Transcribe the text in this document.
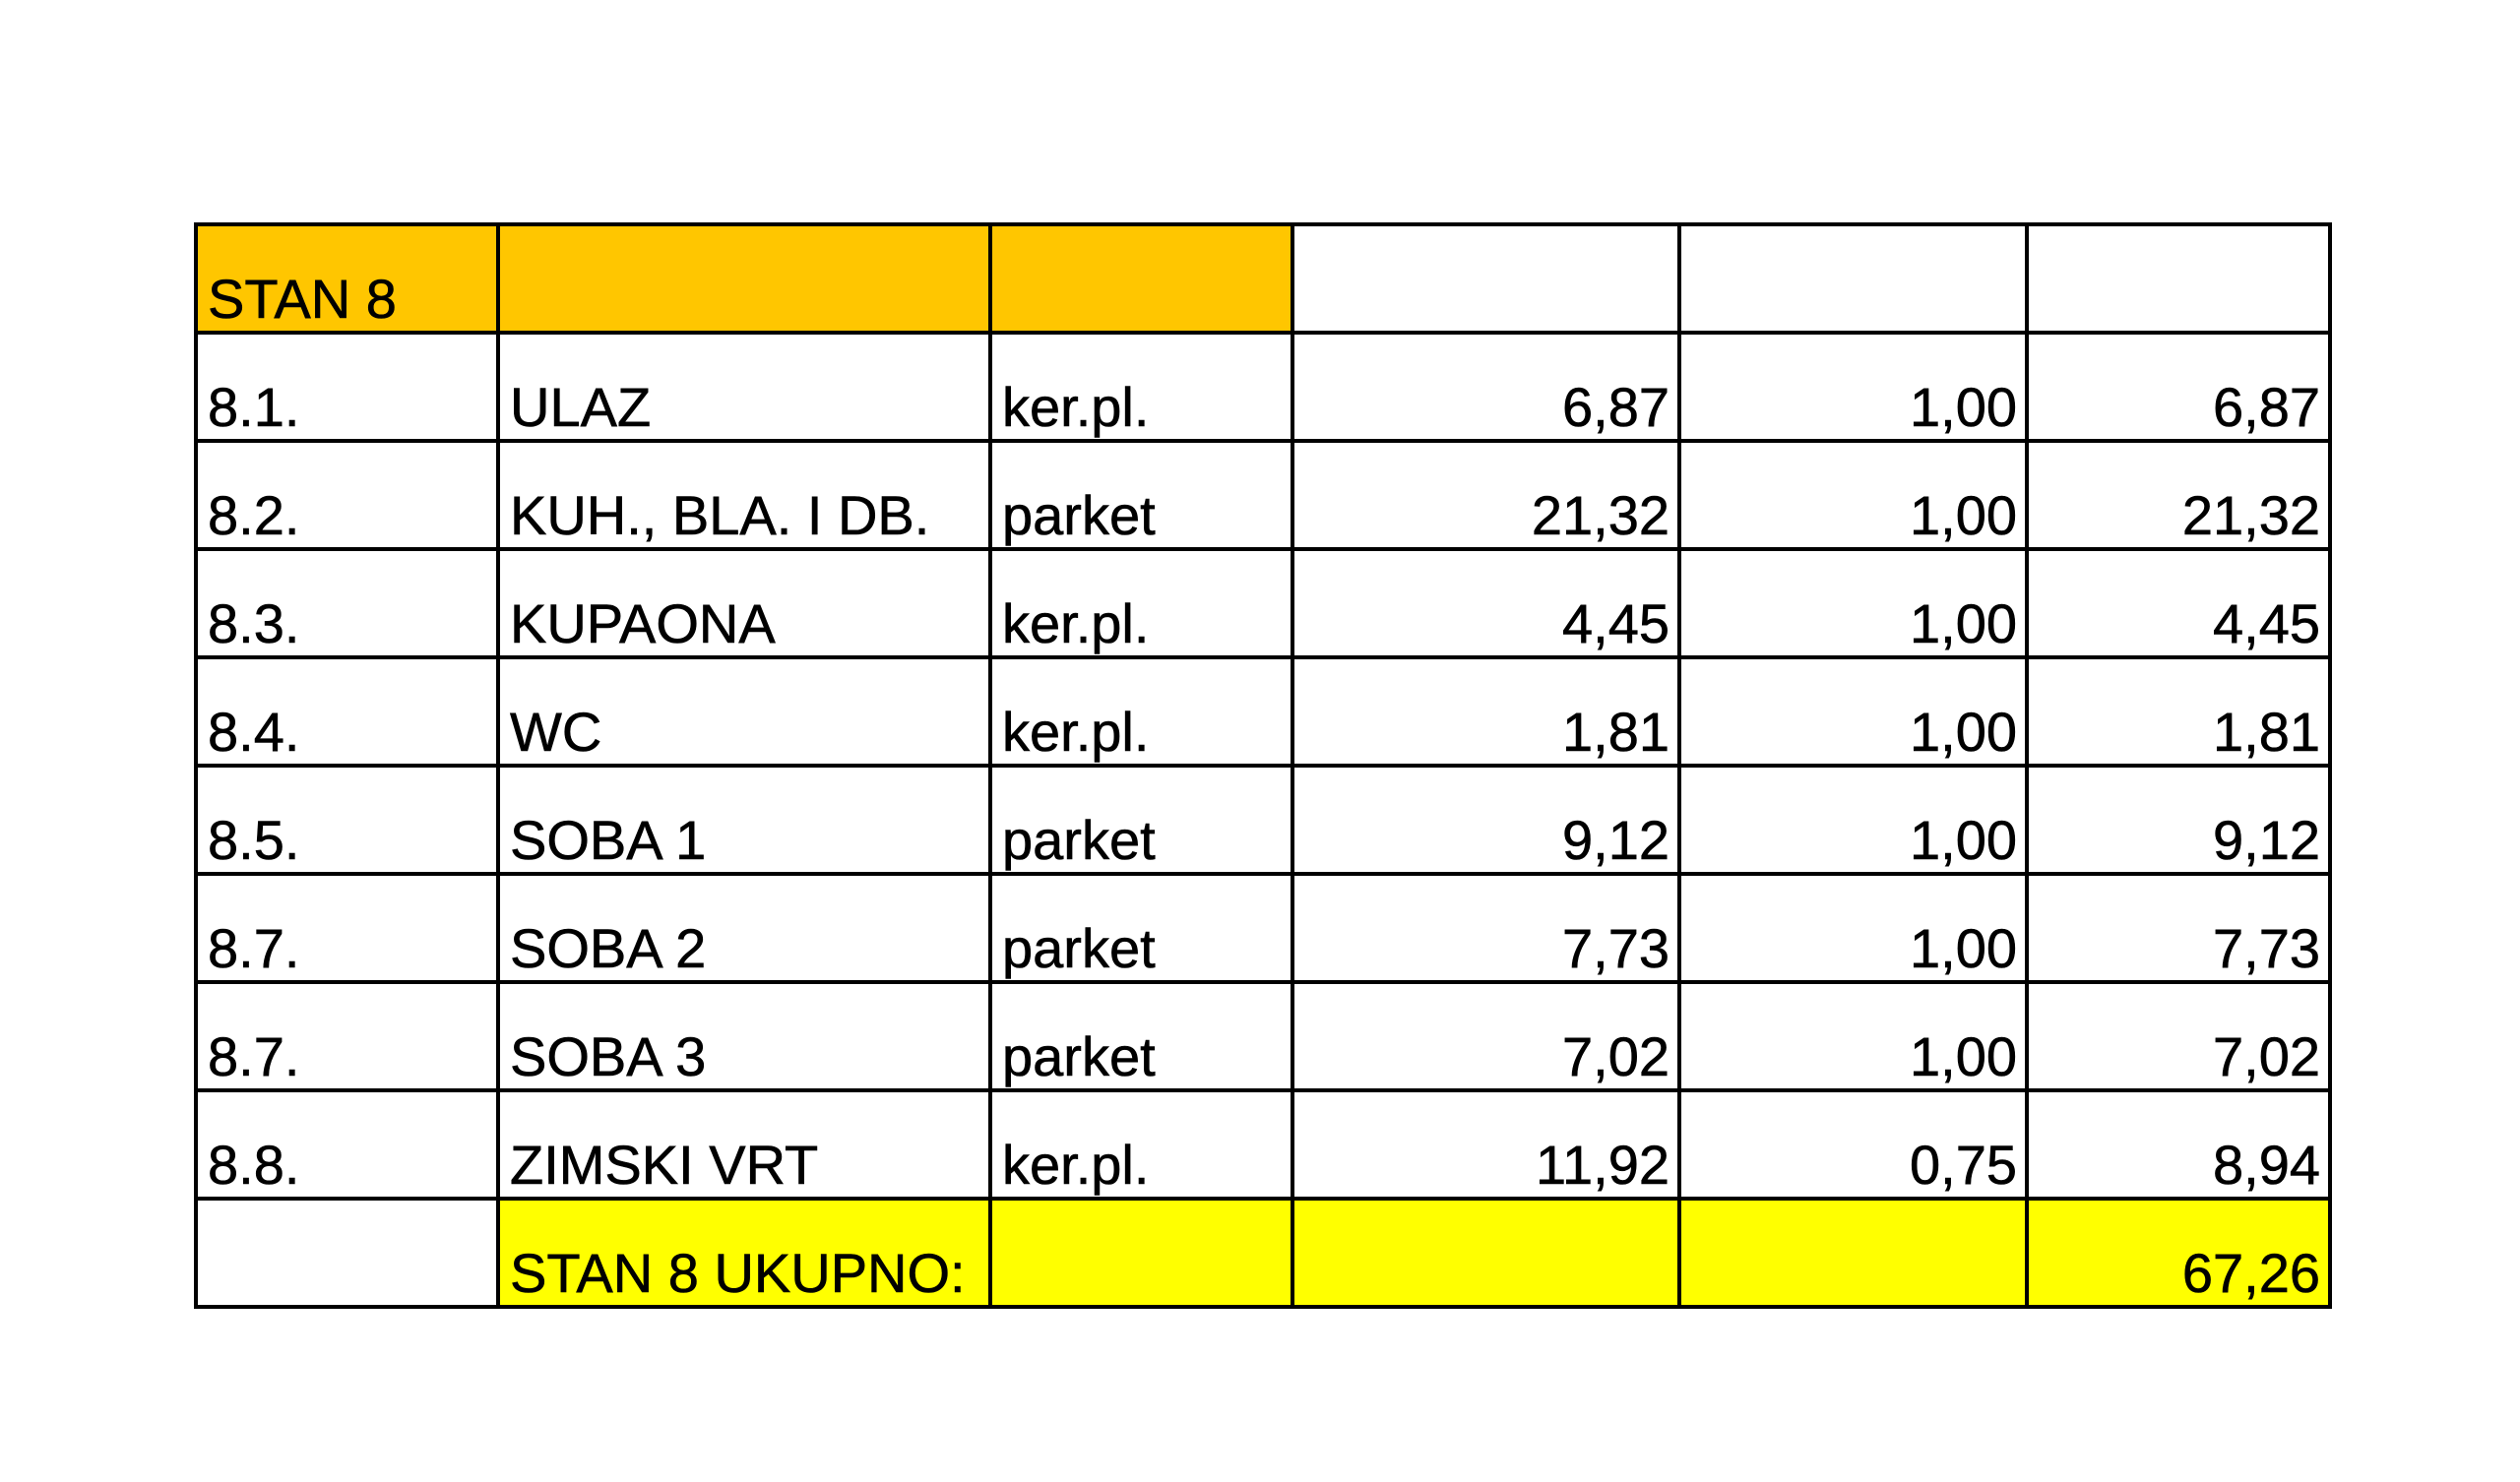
STAN 8					
8.1.	ULAZ	ker.pl.	6,87	1,00	6,87
8.2.	KUH., BLA. I DB.	parket	21,32	1,00	21,32
8.3.	KUPAONA	ker.pl.	4,45	1,00	4,45
8.4.	WC	ker.pl.	1,81	1,00	1,81
8.5.	SOBA 1	parket	9,12	1,00	9,12
8.7.	SOBA 2	parket	7,73	1,00	7,73
8.7.	SOBA 3	parket	7,02	1,00	7,02
8.8.	ZIMSKI VRT	ker.pl.	11,92	0,75	8,94
	STAN 8 UKUPNO:				67,26
